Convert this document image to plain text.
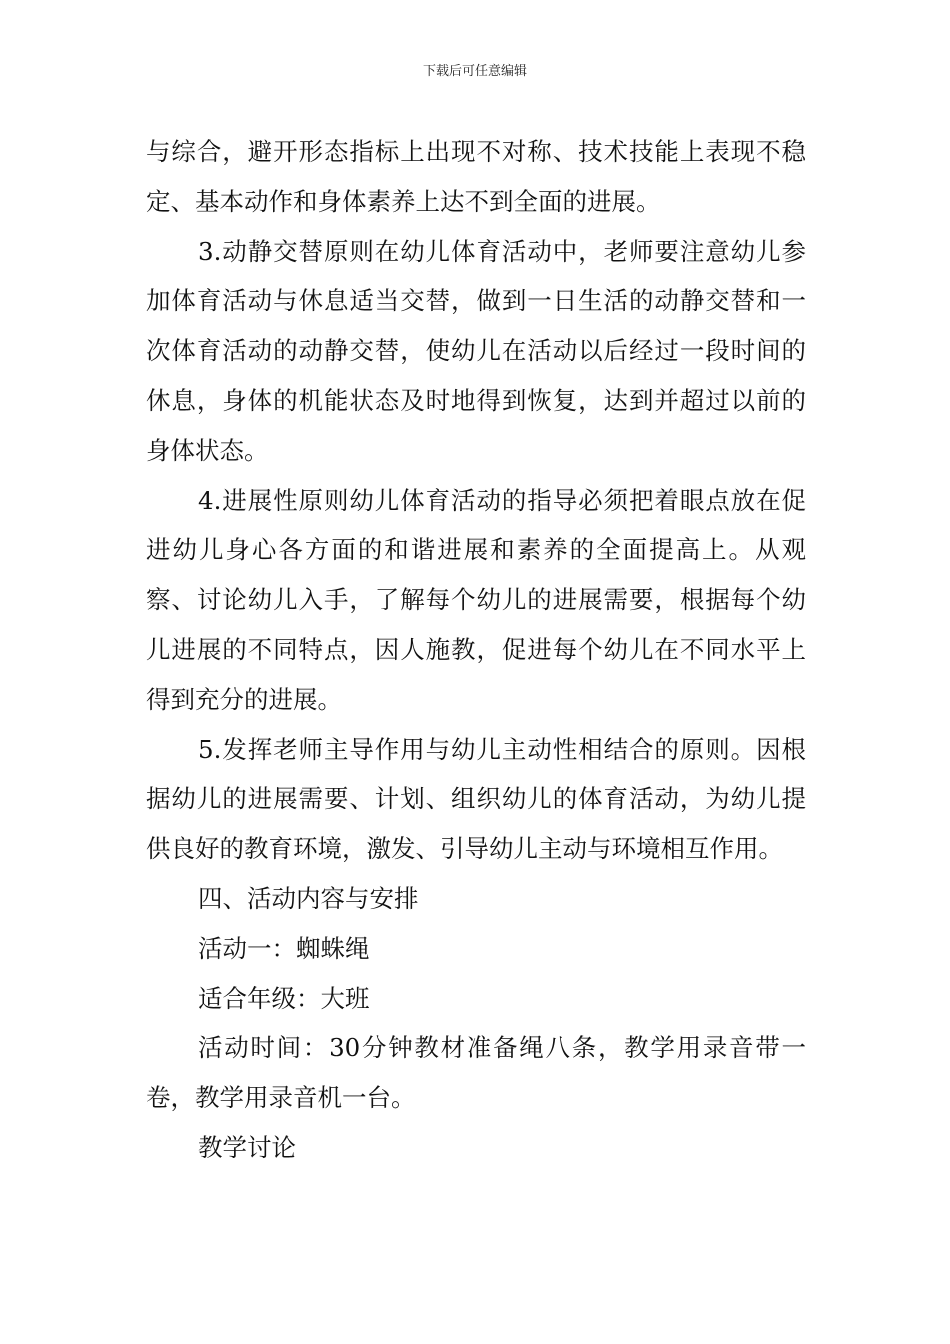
下载后可任意编辑

与综合，避开形态指标上出现不对称、技术技能上表现不稳定、基本动作和身体素养上达不到全面的进展。

3.动静交替原则在幼儿体育活动中，老师要注意幼儿参加体育活动与休息适当交替，做到一日生活的动静交替和一次体育活动的动静交替，使幼儿在活动以后经过一段时间的休息，身体的机能状态及时地得到恢复，达到并超过以前的身体状态。

4.进展性原则幼儿体育活动的指导必须把着眼点放在促进幼儿身心各方面的和谐进展和素养的全面提高上。从观察、讨论幼儿入手，了解每个幼儿的进展需要，根据每个幼儿进展的不同特点，因人施教，促进每个幼儿在不同水平上得到充分的进展。

5.发挥老师主导作用与幼儿主动性相结合的原则。因根据幼儿的进展需要、计划、组织幼儿的体育活动，为幼儿提供良好的教育环境，激发、引导幼儿主动与环境相互作用。

四、活动内容与安排

活动一：蜘蛛绳

适合年级：大班

活动时间：30分钟教材准备绳八条，教学用录音带一卷，教学用录音机一台。

教学讨论
